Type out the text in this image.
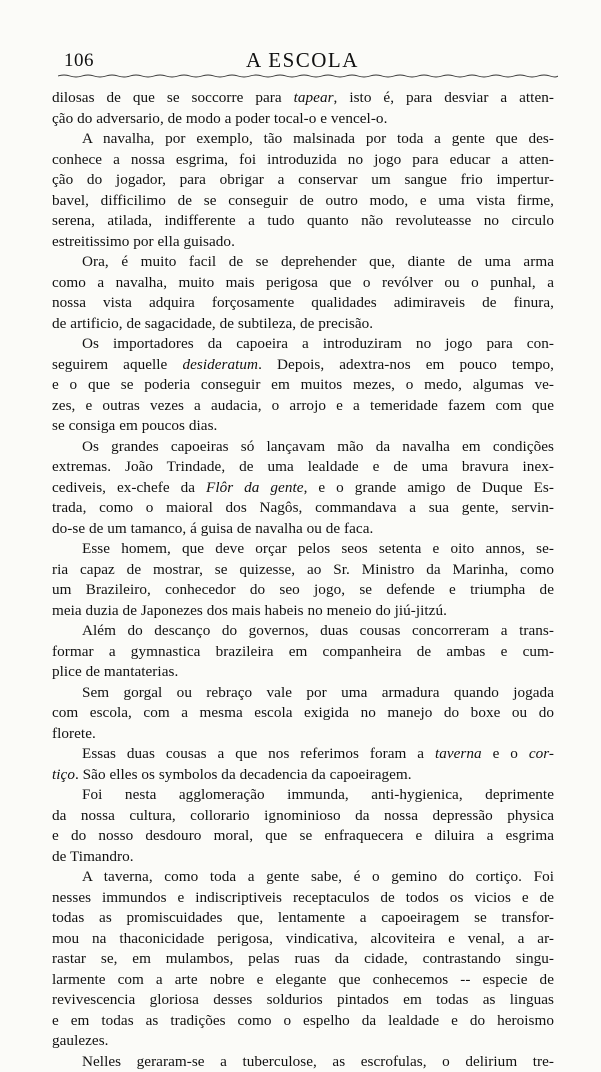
106	A ESCOLA
dilosas de que se soccorre para tapear, isto é, para desviar a atten-
ção do adversario, de modo a poder tocal-o e vencel-o.
A navalha, por exemplo, tão malsinada por toda a gente que des-
conhece a nossa esgrima, foi introduzida no jogo para educar a atten-
ção do jogador, para obrigar a conservar um sangue frio impertur-
bavel, difficilimo de se conseguir de outro modo, e uma vista firme,
serena, atilada, indifferente a tudo quanto não revoluteasse no circulo
estreitissimo por ella guisado.
Ora, é muito facil de se deprehender que, diante de uma arma
como a navalha, muito mais perigosa que o revólver ou o punhal, a
nossa vista adquira forçosamente qualidades adimiraveis de finura,
de artificio, de sagacidade, de subtileza, de precisão.
Os importadores da capoeira a introduziram no jogo para con-
seguirem aquelle desideratum. Depois, adextra-nos em pouco tempo,
e o que se poderia conseguir em muitos mezes, o medo, algumas ve-
zes, e outras vezes a audacia, o arrojo e a temeridade fazem com que
se consiga em poucos dias.
Os grandes capoeiras só lançavam mão da navalha em condições
extremas. João Trindade, de uma lealdade e de uma bravura inex-
cediveis, ex-chefe da Flôr da gente, e o grande amigo de Duque Es-
trada, como o maioral dos Nagôs, commandava a sua gente, servin-
do-se de um tamanco, á guisa de navalha ou de faca.
Esse homem, que deve orçar pelos seos setenta e oito annos, se-
ria capaz de mostrar, se quizesse, ao Sr. Ministro da Marinha, como
um Brazileiro, conhecedor do seo jogo, se defende e triumpha de
meia duzia de Japonezes dos mais habeis no meneio do jiú-jitzú.
Além do descanço do governos, duas cousas concorreram a trans-
formar a gymnastica brazileira em companheira de ambas e cum-
plice de mantaterias.
Sem gorgal ou rebraço vale por uma armadura quando jogada
com escola, com a mesma escola exigida no manejo do boxe ou do
florete.
Essas duas cousas a que nos referimos foram a taverna e o cor-
tiço. São elles os symbolos da decadencia da capoeiragem.
Foi nesta agglomeração immunda, anti-hygienica, deprimente
da nossa cultura, collorario ignominioso da nossa depressão physica
e do nosso desdouro moral, que se enfraquecera e diluira a esgrima
de Timandro.
A taverna, como toda a gente sabe, é o gemino do cortiço. Foi
nesses immundos e indiscriptiveis receptaculos de todos os vicios e de
todas as promiscuidades que, lentamente a capoeiragem se transfor-
mou na thaconicidade perigosa, vindicativa, alcoviteira e venal, a ar-
rastar se, em mulambos, pelas ruas da cidade, contrastando singu-
larmente com a arte nobre e elegante que conhecemos -- especie de
revivescencia gloriosa desses soldurios pintados em todas as linguas
e em todas as tradições como o espelho da lealdade e do heroismo
gaulezes.
Nelles geraram-se a tuberculose, as escrofulas, o delirium tre-
